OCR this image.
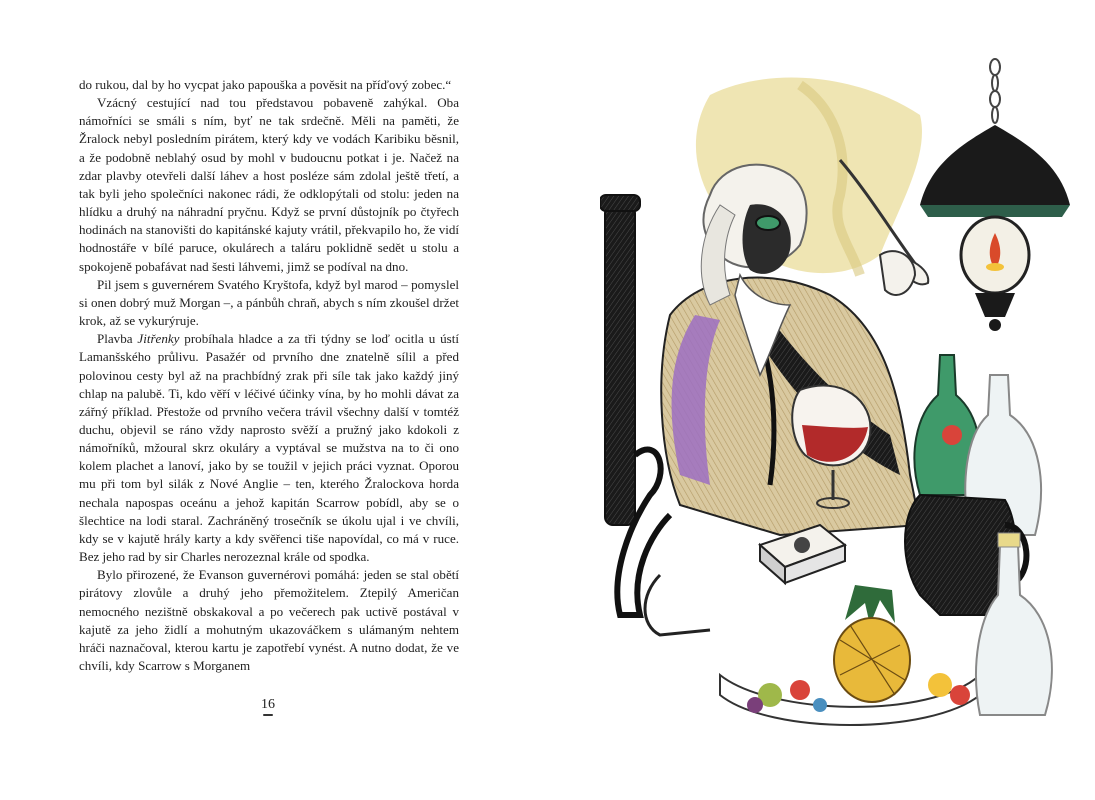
do rukou, dal by ho vycpat jako papouška a pověsit na příďový zobec.“

Vzácný cestující nad tou představou pobaveně zahýkal. Oba námořníci se smáli s ním, byť ne tak srdečně. Měli na paměti, že Žralock nebyl posledním pirátem, který kdy ve vodách Karibiku běsnil, a že podobně neblahý osud by mohl v budoucnu potkat i je. Načež na zdar plavby otevřeli další láhev a host posléze sám zdolal ještě třetí, a tak byli jeho společníci nakonec rádi, že odklopýtali od stolu: jeden na hlídku a druhý na náhradní pryčnu. Když se první důstojník po čtyřech hodinách na stanovišti do kapitánské kajuty vrátil, překvapilo ho, že vidí hodnostáře v bílé paruce, okulárech a taláru poklidně sedět u stolu a spokojeně pobafávat nad šesti láhvemi, jimž se podíval na dno.

Pil jsem s guvernérem Svatého Kryštofa, když byl marod – pomyslel si onen dobrý muž Morgan –, a pánbůh chraň, abych s ním zkoušel držet krok, až se vykurýruje.

Plavba Jitřenky probíhala hladce a za tři týdny se loď ocitla u ústí Lamanšského průlivu. Pasažér od prvního dne znatelně sílil a před polovinou cesty byl až na prachbídný zrak při síle tak jako každý jiný chlap na palubě. Ti, kdo věří v léčivé účinky vína, by ho mohli dávat za zářný příklad. Přestože od prvního večera trávil všechny další v tomtéž duchu, objevil se ráno vždy naprosto svěží a pružný jako kdokoli z námořníků, mžoural skrz okuláry a vyptával se mužstva na to či ono kolem plachet a lanoví, jako by se toužil v jejich práci vyznat. Oporou mu při tom byl silák z Nové Anglie – ten, kterého Žralockova horda nechala napospas oceánu a jehož kapitán Scarrow pobídl, aby se o šlechtice na lodi staral. Zachráněný trosečník se úkolu ujal i ve chvíli, kdy se v kajutě hrály karty a kdy svěřenci tiše napovídal, co má v ruce. Bez jeho rad by sir Charles nerozeznal krále od spodka.

Bylo přirozené, že Evanson guvernérovi pomáhá: jeden se stal obětí pirátovy zlovůle a druhý jeho přemožitelem. Ztepilý Američan nemocného nezištně obskakoval a po večerech pak uctivě postával v kajutě za jeho židlí a mohutným ukazováčkem s ulámaným nehtem hráči naznačoval, kterou kartu je zapotřebí vynést. A nutno dodat, že ve chvíli, kdy Scarrow s Morganem

16
